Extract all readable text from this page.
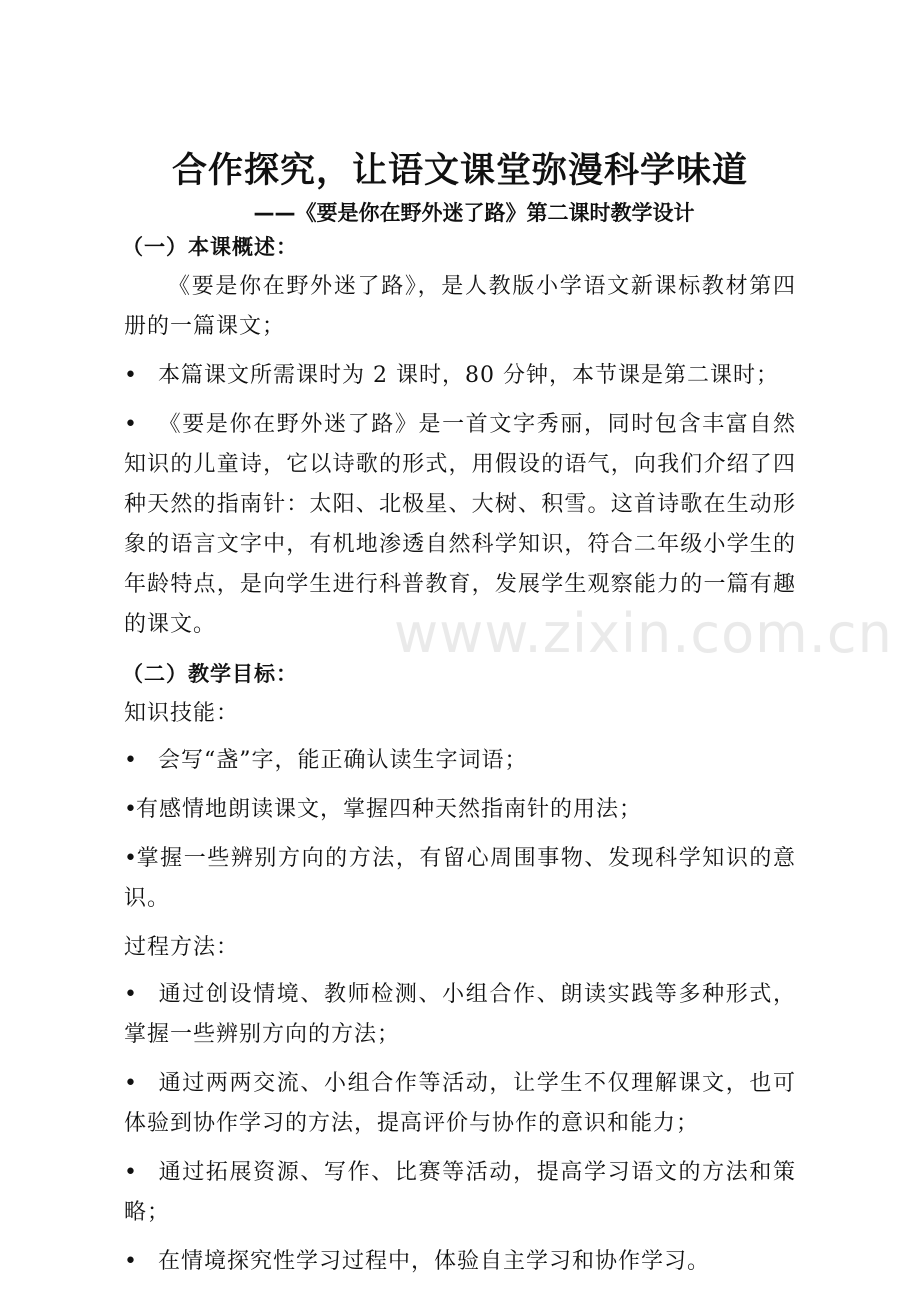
合作探究，让语文课堂弥漫科学味道
——《要是你在野外迷了路》第二课时教学设计
（一）本课概述：
《要是你在野外迷了路》，是人教版小学语文新课标教材第四册的一篇课文；
• 本篇课文所需课时为 2 课时，80 分钟，本节课是第二课时；
• 《要是你在野外迷了路》是一首文字秀丽，同时包含丰富自然知识的儿童诗，它以诗歌的形式，用假设的语气，向我们介绍了四种天然的指南针：太阳、北极星、大树、积雪。这首诗歌在生动形象的语言文字中，有机地渗透自然科学知识，符合二年级小学生的年龄特点，是向学生进行科普教育，发展学生观察能力的一篇有趣的课文。
（二）教学目标：
知识技能：
• 会写“盏”字，能正确认读生字词语；
•有感情地朗读课文，掌握四种天然指南针的用法；
•掌握一些辨别方向的方法，有留心周围事物、发现科学知识的意识。
过程方法：
• 通过创设情境、教师检测、小组合作、朗读实践等多种形式，掌握一些辨别方向的方法；
• 通过两两交流、小组合作等活动，让学生不仅理解课文，也可体验到协作学习的方法，提高评价与协作的意识和能力；
• 通过拓展资源、写作、比赛等活动，提高学习语文的方法和策略；
• 在情境探究性学习过程中，体验自主学习和协作学习。
www.zixin.com.cn
